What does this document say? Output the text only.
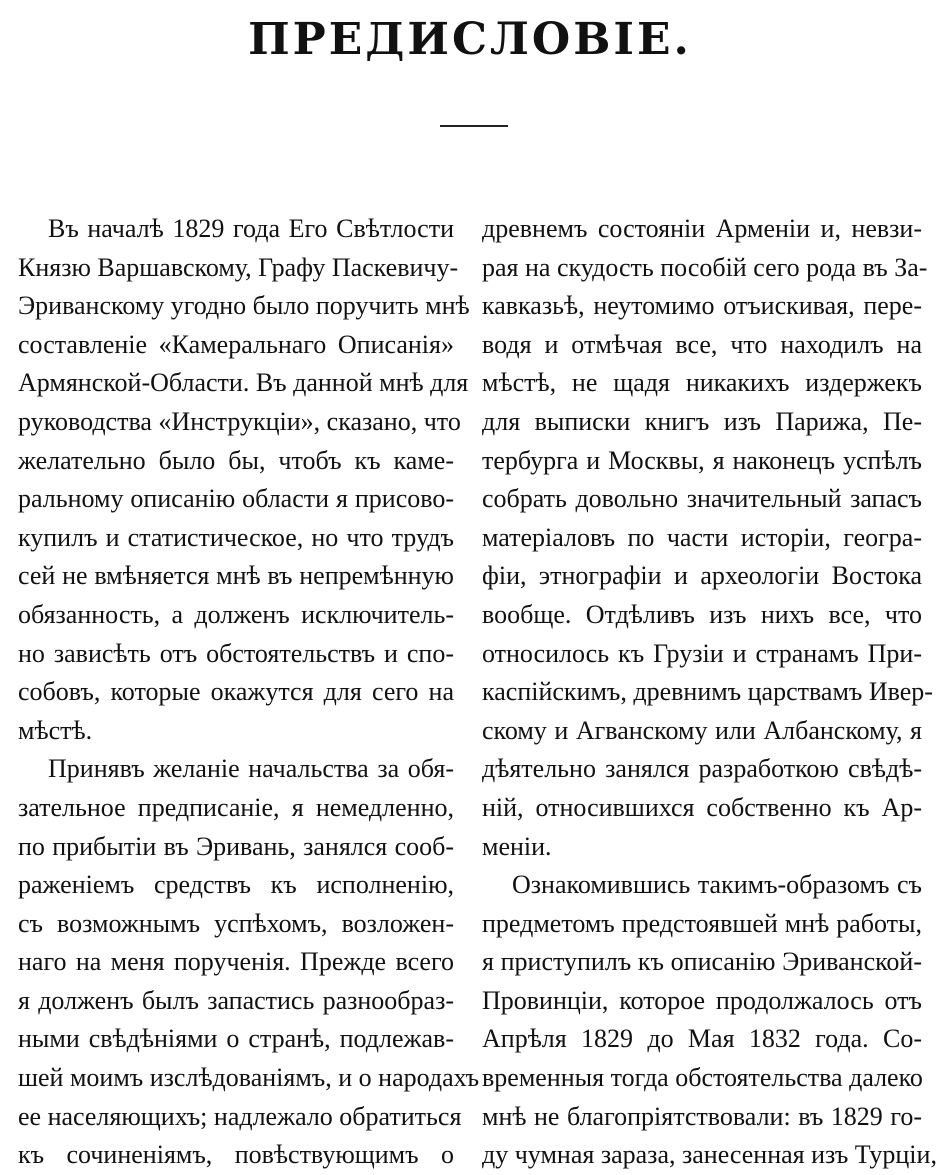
ПРЕДИСЛОВІЕ.
Въ началѣ 1829 года Его Свѣтлости
Князю Варшавскому, Графу Паскевичу-
Эриванскому угодно было поручить мнѣ
составленіе «Камеральнаго Описанія»
Армянской-Области. Въ данной мнѣ для
руководства «Инструкціи», сказано, что
желательно было бы, чтобъ къ каме-
ральному описанію области я присово-
купилъ и статистическое, но что трудъ
сей не вмѣняется мнѣ въ непремѣнную
обязанность, а долженъ исключитель-
но зависѣть отъ обстоятельствъ и спо-
собовъ, которые окажутся для сего на
мѣстѣ.
Принявъ желаніе начальства за обя-
зательное предписаніе, я немедленно,
по прибытіи въ Эривань, занялся сооб-
раженіемъ средствъ къ исполненію,
съ возможнымъ успѣхомъ, возложен-
наго на меня порученія. Прежде всего
я долженъ былъ запастись разнообраз-
ными свѣдѣніями о странѣ, подлежав-
шей моимъ изслѣдованіямъ, и о народахъ
ее населяющихъ; надлежало обратиться
къ сочиненіямъ, повѣствующимъ о
древнемъ состояніи Арменіи и, невзи-
рая на скудость пособій сего рода въ За-
кавказьѣ, неутомимо отъискивая, пере-
водя и отмѣчая все, что находилъ на
мѣстѣ, не щадя никакихъ издержекъ
для выписки книгъ изъ Парижа, Пе-
тербурга и Москвы, я наконецъ успѣлъ
собрать довольно значительный запасъ
матеріаловъ по части исторіи, геогра-
фіи, этнографіи и археологіи Востока
вообще. Отдѣливъ изъ нихъ все, что
относилось къ Грузіи и странамъ При-
каспійскимъ, древнимъ царствамъ Ивер-
скому и Агванскому или Албанскому, я
дѣятельно занялся разработкою свѣдѣ-
ній, относившихся собственно къ Ар-
меніи.
Ознакомившись такимъ-образомъ съ
предметомъ предстоявшей мнѣ работы,
я приступилъ къ описанію Эриванской-
Провинціи, которое продолжалось отъ
Апрѣля 1829 до Мая 1832 года. Со-
временныя тогда обстоятельства далеко
мнѣ не благопріятствовали: въ 1829 го-
ду чумная зараза, занесенная изъ Турціи,
